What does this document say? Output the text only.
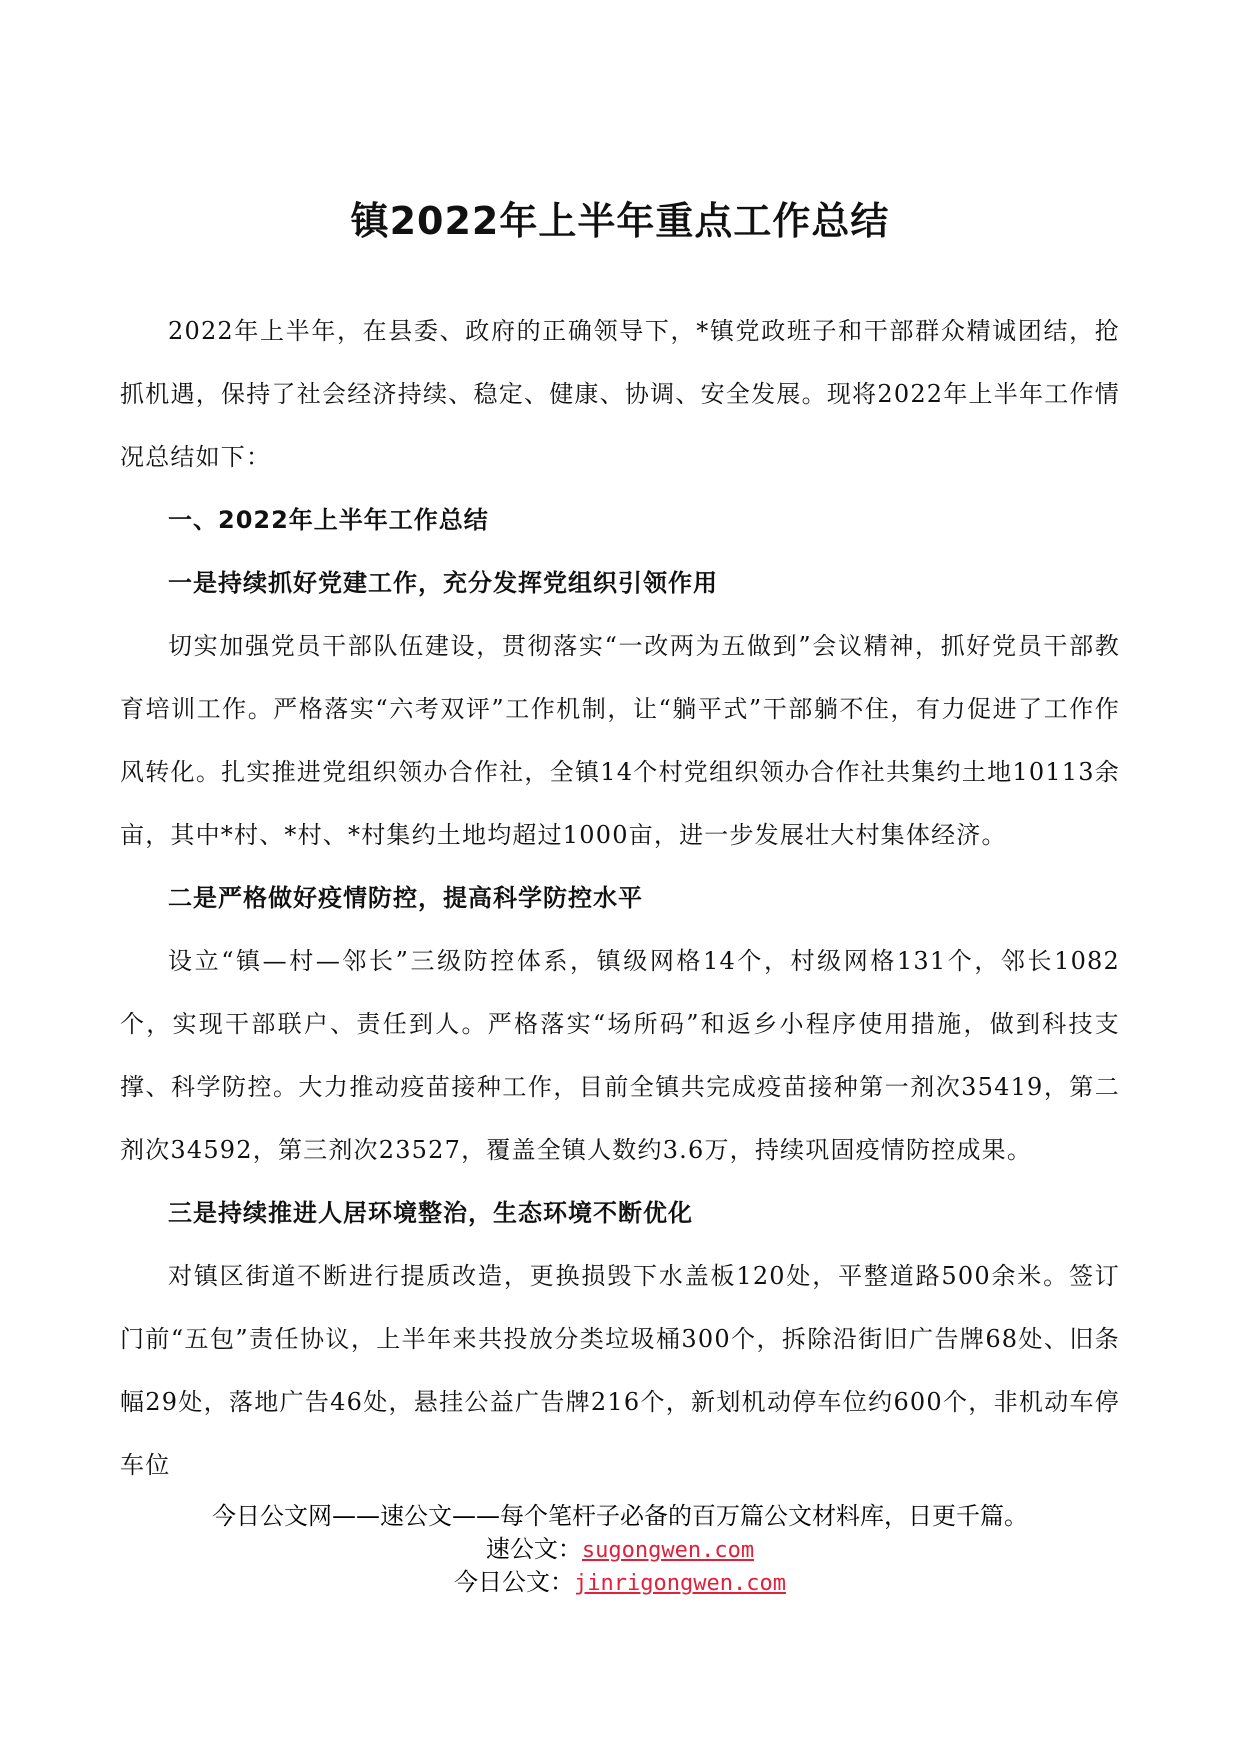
镇2022年上半年重点工作总结

2022年上半年，在县委、政府的正确领导下，*镇党政班子和干部群众精诚团结，抢抓机遇，保持了社会经济持续、稳定、健康、协调、安全发展。现将2022年上半年工作情况总结如下：

一、2022年上半年工作总结

一是持续抓好党建工作，充分发挥党组织引领作用

切实加强党员干部队伍建设，贯彻落实“一改两为五做到”会议精神，抓好党员干部教育培训工作。严格落实“六考双评”工作机制，让“躺平式”干部躺不住，有力促进了工作作风转化。扎实推进党组织领办合作社，全镇14个村党组织领办合作社共集约土地10113余亩，其中*村、*村、*村集约土地均超过1000亩，进一步发展壮大村集体经济。

二是严格做好疫情防控，提高科学防控水平

设立“镇—村—邻长”三级防控体系，镇级网格14个，村级网格131个，邻长1082个，实现干部联户、责任到人。严格落实“场所码”和返乡小程序使用措施，做到科技支撑、科学防控。大力推动疫苗接种工作，目前全镇共完成疫苗接种第一剂次35419，第二剂次34592，第三剂次23527，覆盖全镇人数约3.6万，持续巩固疫情防控成果。

三是持续推进人居环境整治，生态环境不断优化

对镇区街道不断进行提质改造，更换损毁下水盖板120处，平整道路500余米。签订门前“五包”责任协议，上半年来共投放分类垃圾桶300个，拆除沿街旧广告牌68处、旧条幅29处，落地广告46处，悬挂公益广告牌216个，新划机动停车位约600个，非机动车停车位

今日公文网——速公文——每个笔杆子必备的百万篇公文材料库，日更千篇。
速公文：sugongwen.com
今日公文：jinrigongwen.com
